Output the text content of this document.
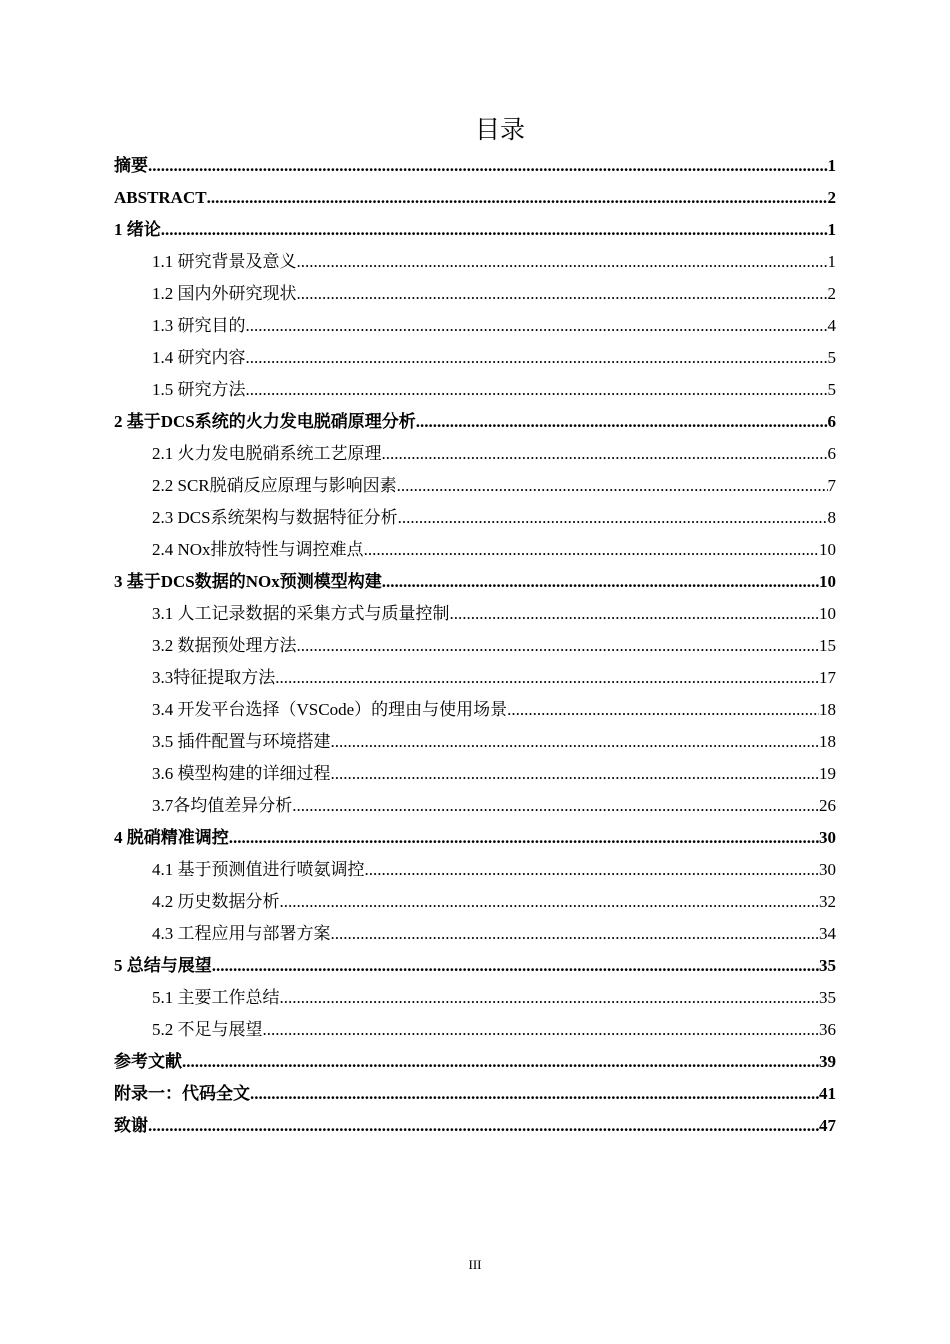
目录
摘要 .....	1
ABSTRACT .....	2
1 绪论 .....	1
1.1 研究背景及意义 .....	1
1.2 国内外研究现状 .....	2
1.3 研究目的 .....	4
1.4 研究内容 .....	5
1.5 研究方法 .....	5
2 基于DCS系统的火力发电脱硝原理分析 .....	6
2.1 火力发电脱硝系统工艺原理 .....	6
2.2 SCR脱硝反应原理与影响因素 .....	7
2.3 DCS系统架构与数据特征分析 .....	8
2.4 NOx排放特性与调控难点 .....	10
3 基于DCS数据的NOx预测模型构建 .....	10
3.1 人工记录数据的采集方式与质量控制 .....	10
3.2 数据预处理方法 .....	15
3.3特征提取方法 .....	17
3.4 开发平台选择（VSCode）的理由与使用场景 .....	18
3.5 插件配置与环境搭建 .....	18
3.6 模型构建的详细过程 .....	19
3.7各均值差异分析 .....	26
4 脱硝精准调控 .....	30
4.1 基于预测值进行喷氨调控 .....	30
4.2 历史数据分析 .....	32
4.3 工程应用与部署方案 .....	34
5 总结与展望 .....	35
5.1 主要工作总结 .....	35
5.2 不足与展望 .....	36
参考文献 .....	39
附录一：代码全文 .....	41
致谢 .....	47
III
